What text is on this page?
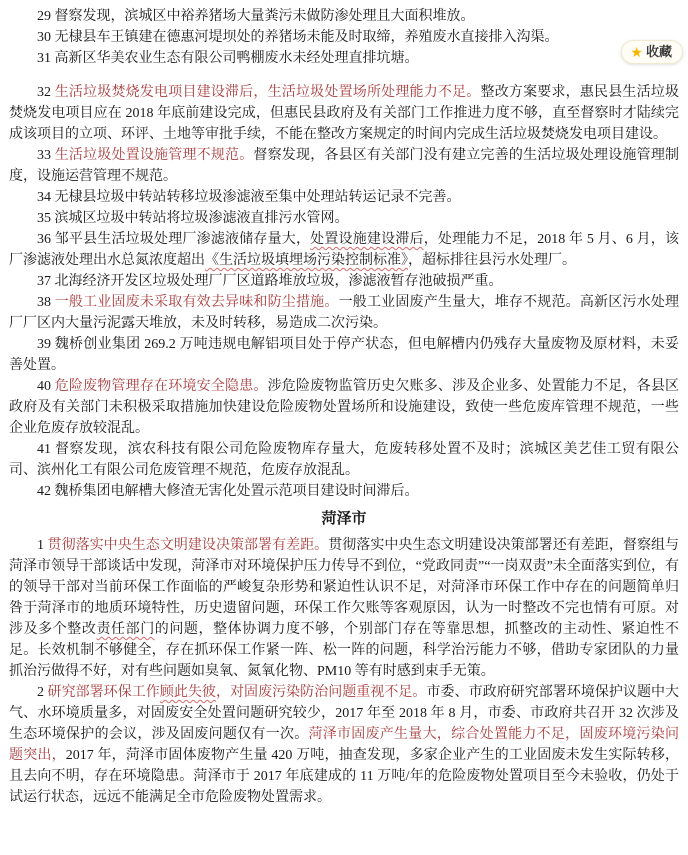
29 督察发现，滨城区中裕养猪场大量粪污未做防渗处理且大面积堆放。

30 无棣县车王镇建在德惠河堤坝处的养猪场未能及时取缔，养殖废水直接排入沟渠。

31 高新区华美农业生态有限公司鸭棚废水未经处理直排坑塘。

32 生活垃圾焚烧发电项目建设滞后，生活垃圾处置场所处理能力不足。整改方案要求，惠民县生活垃圾焚烧发电项目应在 2018 年底前建设完成，但惠民县政府及有关部门工作推进力度不够，直至督察时才陆续完成该项目的立项、环评、土地等审批手续，不能在整改方案规定的时间内完成生活垃圾焚烧发电项目建设。

33 生活垃圾处置设施管理不规范。督察发现，各县区有关部门没有建立完善的生活垃圾处理设施管理制度，设施运营管理不规范。

34 无棣县垃圾中转站转移垃圾渗滤液至集中处理站转运记录不完善。

35 滨城区垃圾中转站将垃圾渗滤液直排污水管网。

36 邹平县生活垃圾处理厂渗滤液储存量大，处置设施建设滞后，处理能力不足，2018 年 5 月、6 月，该厂渗滤液处理出水总氮浓度超出《生活垃圾填埋场污染控制标准》，超标排往县污水处理厂。

37 北海经济开发区垃圾处理厂厂区道路堆放垃圾，渗滤液暂存池破损严重。

38 一般工业固废未采取有效去异味和防尘措施。一般工业固废产生量大，堆存不规范。高新区污水处理厂厂区内大量污泥露天堆放，未及时转移，易造成二次污染。

39 魏桥创业集团 269.2 万吨违规电解铝项目处于停产状态，但电解槽内仍残存大量废物及原材料，未妥善处置。

40 危险废物管理存在环境安全隐患。涉危险废物监管历史欠账多、涉及企业多、处置能力不足，各县区政府及有关部门未积极采取措施加快建设危险废物处置场所和设施建设，致使一些危废库管理不规范，一些企业危废存放较混乱。

41 督察发现，滨农科技有限公司危险废物库存量大，危废转移处置不及时；滨城区美艺佳工贸有限公司、滨州化工有限公司危废管理不规范，危废存放混乱。

42 魏桥集团电解槽大修渣无害化处置示范项目建设时间滞后。

菏泽市

1 贯彻落实中央生态文明建设决策部署有差距。贯彻落实中央生态文明建设决策部署还有差距，督察组与菏泽市领导干部谈话中发现，菏泽市对环境保护压力传导不到位，“党政同责”“一岗双责”未全面落实到位，有的领导干部对当前环保工作面临的严峻复杂形势和紧迫性认识不足，对菏泽市环保工作中存在的问题简单归咎于菏泽市的地质环境特性，历史遗留问题，环保工作欠账等客观原因，认为一时整改不完也情有可原。对涉及多个整改责任部门的问题，整体协调力度不够，个别部门存在等靠思想，抓整改的主动性、紧迫性不足。长效机制不够健全，存在抓环保工作紧一阵、松一阵的问题，科学治污能力不够，借助专家团队的力量抓治污做得不好，对有些问题如臭氧、氮氧化物、PM10 等有时感到束手无策。

2 研究部署环保工作顾此失彼，对固废污染防治问题重视不足。市委、市政府研究部署环境保护议题中大气、水环境质量多，对固废安全处置问题研究较少，2017 年至 2018 年 8 月，市委、市政府共召开 32 次涉及生态环境保护的会议，涉及固废问题仅有一次。菏泽市固废产生量大，综合处置能力不足，固废环境污染问题突出，2017 年，菏泽市固体废物产生量 420 万吨，抽查发现，多家企业产生的工业固废未发生实际转移，且去向不明，存在环境隐患。菏泽市于 2017 年底建成的 11 万吨/年的危险废物处置项目至今未验收，仍处于试运行状态，远远不能满足全市危险废物处置需求。

★ 收藏
